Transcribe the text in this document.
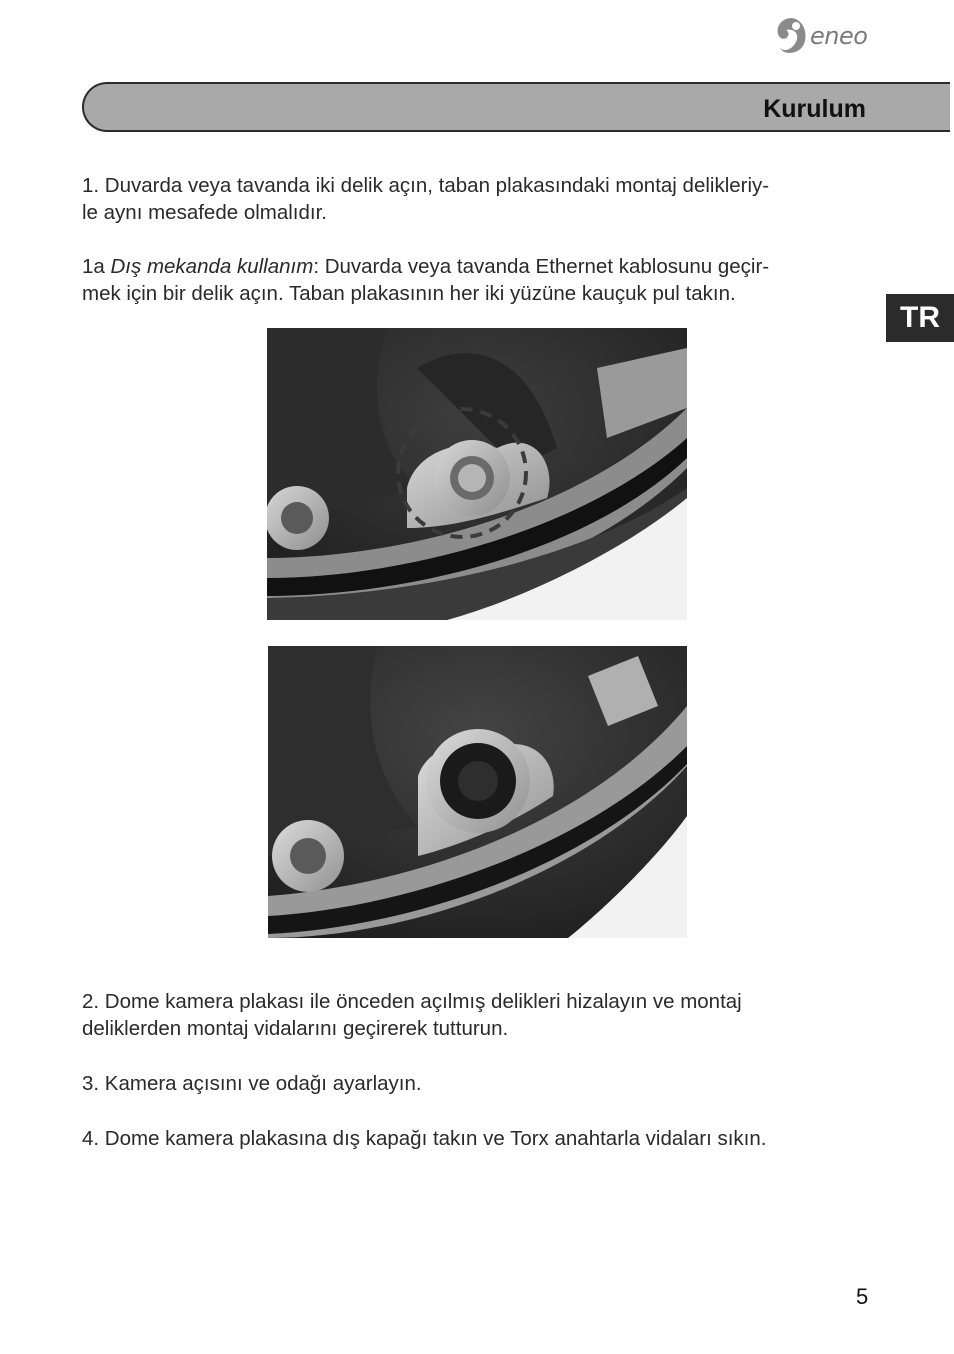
eneo
Kurulum
TR

1. Duvarda veya tavanda iki delik açın, taban plakasındaki montaj delikleriy-
le aynı mesafede olmalıdır.

1a Dış mekanda kullanım: Duvarda veya tavanda Ethernet kablosunu geçir-
mek için bir delik açın. Taban plakasının her iki yüzüne kauçuk pul takın.

2. Dome kamera plakası ile önceden açılmış delikleri hizalayın ve montaj
deliklerden montaj vidalarını geçirerek tutturun.

3. Kamera açısını ve odağı ayarlayın.

4. Dome kamera plakasına dış kapağı takın ve Torx anahtarla vidaları sıkın.

5
